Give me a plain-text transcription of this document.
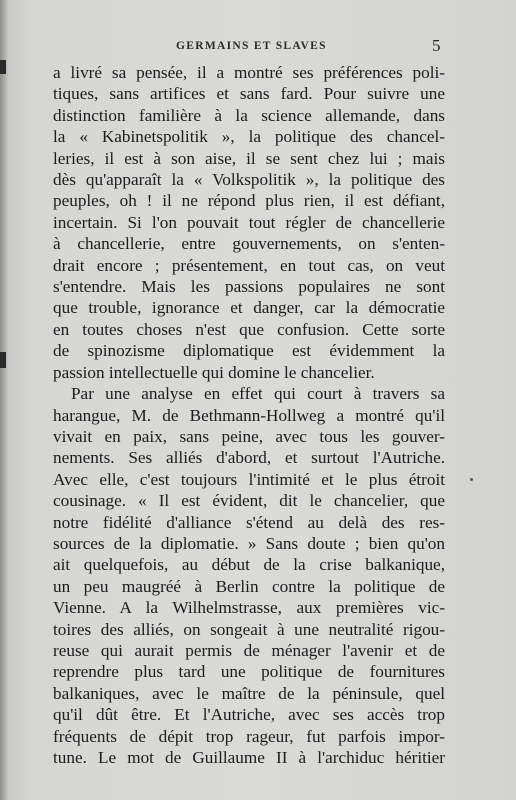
GERMAINS ET SLAVES	5
a livré sa pensée, il a montré ses préférences poli-
tiques, sans artifices et sans fard. Pour suivre une
distinction familière à la science allemande, dans
la « Kabinetspolitik », la politique des chancel-
leries, il est à son aise, il se sent chez lui ; mais
dès qu'apparaît la « Volkspolitik », la politique des
peuples, oh ! il ne répond plus rien, il est défiant,
incertain. Si l'on pouvait tout régler de chancellerie
à chancellerie, entre gouvernements, on s'enten-
drait encore ; présentement, en tout cas, on veut
s'entendre. Mais les passions populaires ne sont
que trouble, ignorance et danger, car la démocratie
en toutes choses n'est que confusion. Cette sorte
de spinozisme diplomatique est évidemment la
passion intellectuelle qui domine le chancelier.
Par une analyse en effet qui court à travers sa
harangue, M. de Bethmann-Hollweg a montré qu'il
vivait en paix, sans peine, avec tous les gouver-
nements. Ses alliés d'abord, et surtout l'Autriche.
Avec elle, c'est toujours l'intimité et le plus étroit
cousinage. « Il est évident, dit le chancelier, que
notre fidélité d'alliance s'étend au delà des res-
sources de la diplomatie. » Sans doute ; bien qu'on
ait quelquefois, au début de la crise balkanique,
un peu maugréé à Berlin contre la politique de
Vienne. A la Wilhelmstrasse, aux premières vic-
toires des alliés, on songeait à une neutralité rigou-
reuse qui aurait permis de ménager l'avenir et de
reprendre plus tard une politique de fournitures
balkaniques, avec le maître de la péninsule, quel
qu'il dût être. Et l'Autriche, avec ses accès trop
fréquents de dépit trop rageur, fut parfois impor-
tune. Le mot de Guillaume II à l'archiduc héritier
